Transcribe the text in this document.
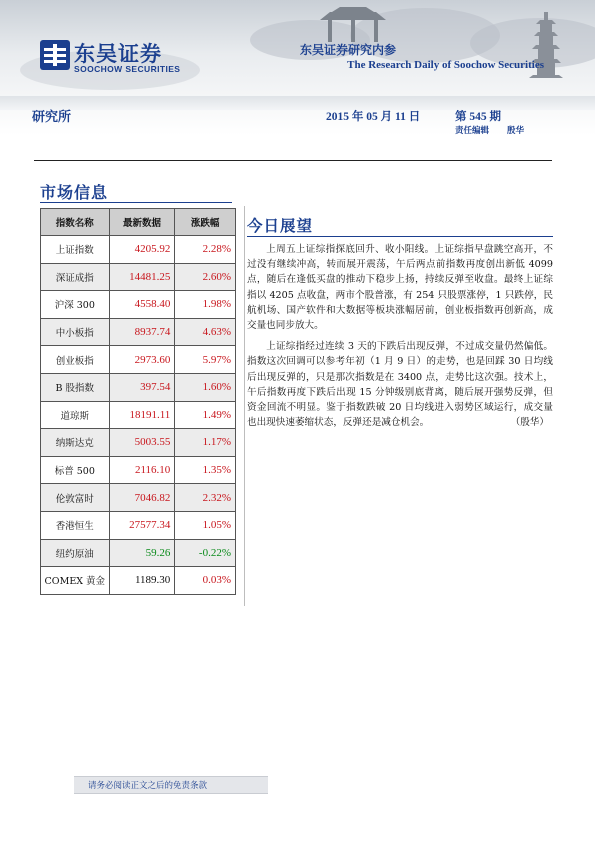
东吴证券
SOOCHOW SECURITIES
东吴证券研究内参
The Research Daily of Soochow Securities
研究所	2015 年 05 月 11 日	第 545 期
责任编辑 殷华
市场信息
指数名称	最新数据	涨跌幅
上证指数	4205.92	2.28%
深证成指	14481.25	2.60%
沪深 300	4558.40	1.98%
中小板指	8937.74	4.63%
创业板指	2973.60	5.97%
B 股指数	397.54	1.60%
道琼斯	18191.11	1.49%
纳斯达克	5003.55	1.17%
标普 500	2116.10	1.35%
伦敦富时	7046.82	2.32%
香港恒生	27577.34	1.05%
纽约原油	59.26	-0.22%
COMEX 黄金	1189.30	0.03%
今日展望

上周五上证综指探底回升、收小阳线。上证综指早盘跳空高开，不过没有继续冲高，转而展开震荡，午后两点前指数再度创出新低 4099 点，随后在逢低买盘的推动下稳步上扬，持续反弹至收盘。最终上证综指以 4205 点收盘，两市个股普涨，有 254 只股票涨停，1 只跌停，民航机场、国产软件和大数据等板块涨幅居前，创业板指数再创新高，成交量也同步放大。

上证综指经过连续 3 天的下跌后出现反弹，不过成交量仍然偏低。指数这次回调可以参考年初（1 月 9 日）的走势，也是回踩 30 日均线后出现反弹的，只是那次指数是在 3400 点，走势比这次强。技术上，午后指数再度下跌后出现 15 分钟级别底背离，随后展开强势反弹，但资金回流不明显。鉴于指数跌破 20 日均线进入弱势区域运行，成交量也出现快速萎缩状态，反弹还是减仓机会。	（殷华）

请务必阅读正文之后的免责条款
